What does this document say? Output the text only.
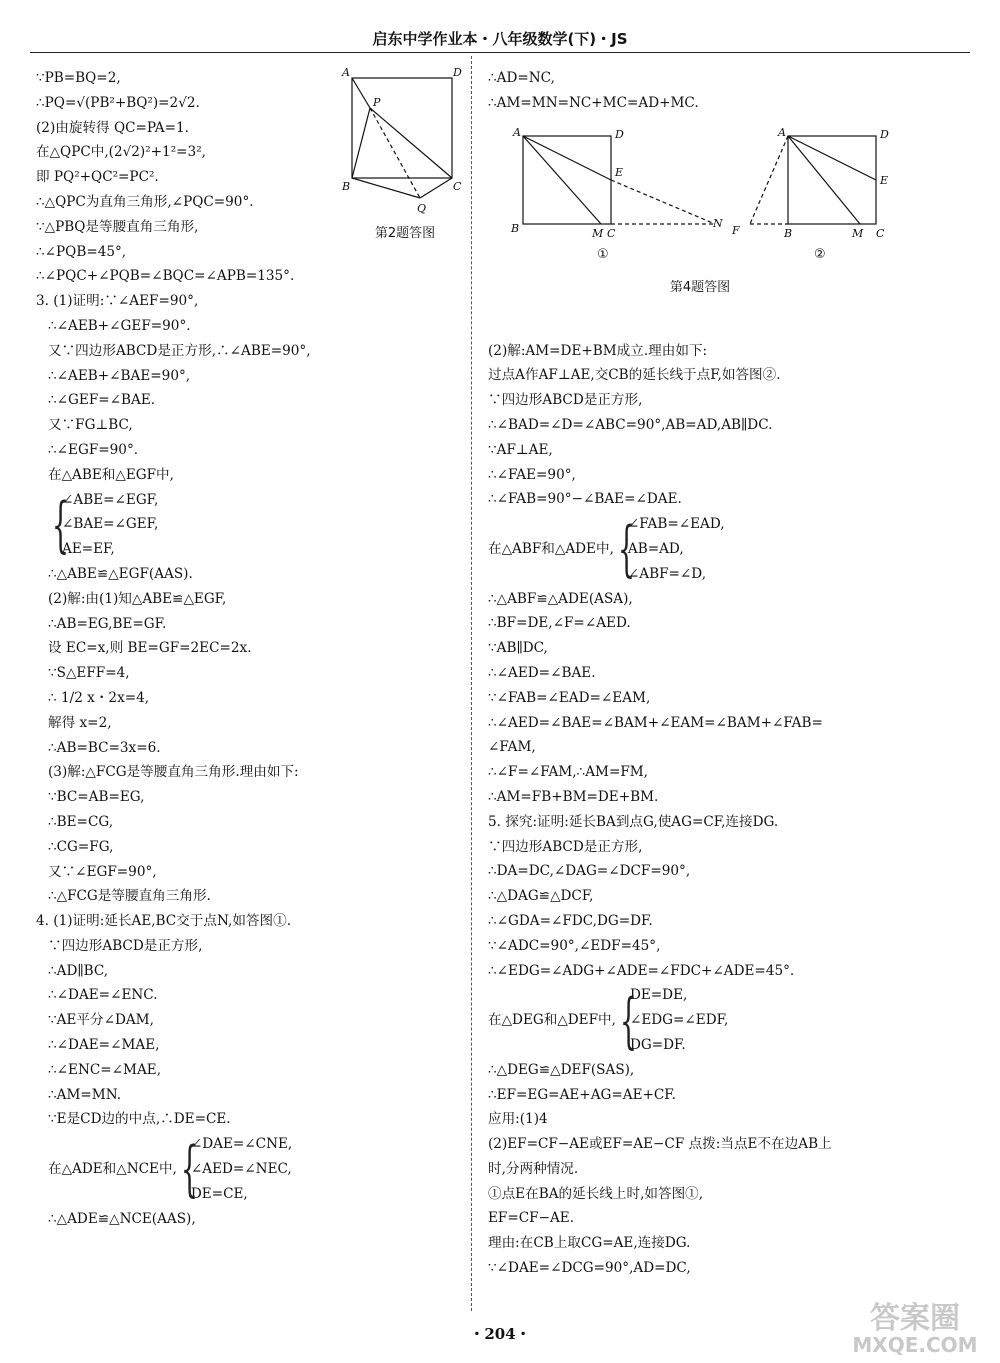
启东中学作业本・八年级数学(下)・JS
∵PB=BQ=2,
∴PQ=√(PB²+BQ²)=2√2.
(2)由旋转得 QC=PA=1.
在△QPC中,(2√2)²+1²=3²,
即 PQ²+QC²=PC².
∴△QPC为直角三角形,∠PQC=90°.
∵△PBQ是等腰直角三角形,
∴∠PQB=45°,
∴∠PQC+∠PQB=∠BQC=∠APB=135°.
3. (1)证明:∵∠AEF=90°,
∴∠AEB+∠GEF=90°.
又∵四边形ABCD是正方形,∴∠ABE=90°,
∴∠AEB+∠BAE=90°,
∴∠GEF=∠BAE.
又∵FG⊥BC,
∴∠EGF=90°.
在△ABE和△EGF中,
{
∠ABE=∠EGF,
∠BAE=∠GEF,
AE=EF,
∴△ABE≌△EGF(AAS).
(2)解:由(1)知△ABE≌△EGF,
∴AB=EG,BE=GF.
设 EC=x,则 BE=GF=2EC=2x.
∵S△EFF=4,
∴ 1/2 x・2x=4,
解得 x=2,
∴AB=BC=3x=6.
(3)解:△FCG是等腰直角三角形.理由如下:
∵BC=AB=EG,
∴BE=CG,
∴CG=FG,
又∵∠EGF=90°,
∴△FCG是等腰直角三角形.
4. (1)证明:延长AE,BC交于点N,如答图①.
∵四边形ABCD是正方形,
∴AD∥BC,
∴∠DAE=∠ENC.
∵AE平分∠DAM,
∴∠DAE=∠MAE,
∴∠ENC=∠MAE,
∴AM=MN.
∵E是CD边的中点,∴DE=CE.
在△ADE和△NCE中, {
∠DAE=∠CNE,
∠AED=∠NEC,
DE=CE,
∴△ADE≌△NCE(AAS),
A	D
P
B	C
Q
第2题答图
∴AD=NC,
∴AM=MN=NC+MC=AD+MC.
(2)解:AM=DE+BM成立.理由如下:
过点A作AF⊥AE,交CB的延长线于点F,如答图②.
∵四边形ABCD是正方形,
∴∠BAD=∠D=∠ABC=90°,AB=AD,AB∥DC.
∵AF⊥AE,
∴∠FAE=90°,
∴∠FAB=90°−∠BAE=∠DAE.
在△ABF和△ADE中, {
∠FAB=∠EAD,
AB=AD,
∠ABF=∠D,
∴△ABF≌△ADE(ASA),
∴BF=DE,∠F=∠AED.
∵AB∥DC,
∴∠AED=∠BAE.
∵∠FAB=∠EAD=∠EAM,
∴∠AED=∠BAE=∠BAM+∠EAM=∠BAM+∠FAB=
∠FAM,
∴∠F=∠FAM,∴AM=FM,
∴AM=FB+BM=DE+BM.
5. 探究:证明:延长BA到点G,使AG=CF,连接DG.
∵四边形ABCD是正方形,
∴DA=DC,∠DAG=∠DCF=90°,
∴△DAG≌△DCF,
∴∠GDA=∠FDC,DG=DF.
∵∠ADC=90°,∠EDF=45°,
∴∠EDG=∠ADG+∠ADE=∠FDC+∠ADE=45°.
在△DEG和△DEF中, {
DE=DE,
∠EDG=∠EDF,
DG=DF.
∴△DEG≌△DEF(SAS),
∴EF=EG=AE+AG=AE+CF.
应用:(1)4
(2)EF=CF−AE或EF=AE−CF 点拨:当点E不在边AB上
时,分两种情况.
①点E在BA的延长线上时,如答图①,
EF=CF−AE.
理由:在CB上取CG=AE,连接DG.
∵∠DAE=∠DCG=90°,AD=DC,
A	D
E
B	M C
N
①
A	D
E
F	B	M C
②
第4题答图
・204・	答案圈
MXQE.COM
